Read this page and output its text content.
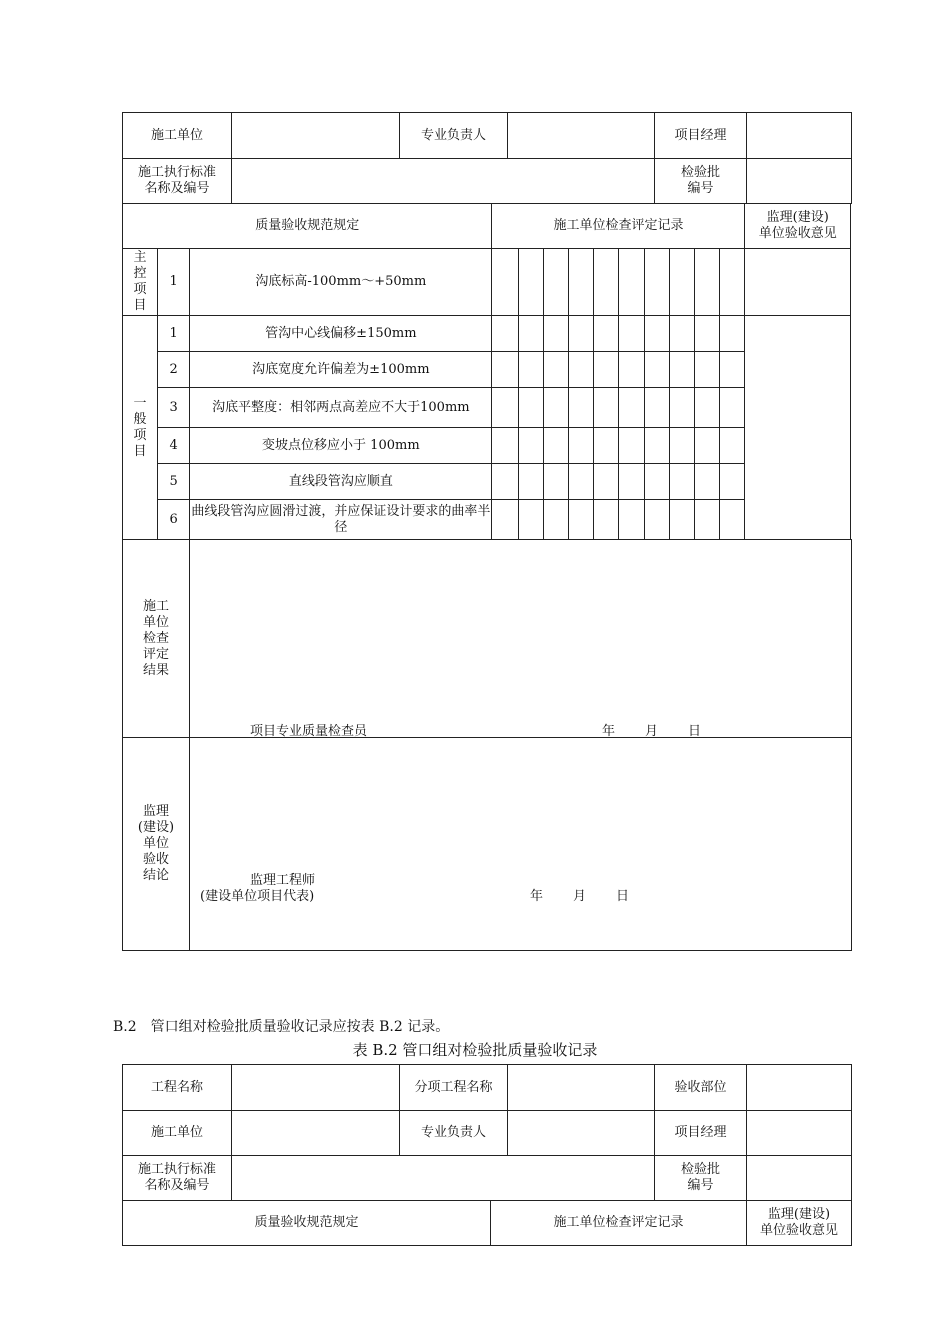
施工单位		专业负责人		项目经理	

施工执行标准
名称及编号				检验批
编号	

质量验收规范规定			施工单位检查评定记录										监理(建设)
单位验收意见

主
控
项
目	1	沟底标高-100mm～+50mm											

一
般
项
目	1	管沟中心线偏移±150mm											
	2	沟底宽度允许偏差为±100mm											
	3	沟底平整度：相邻两点高差应不大于100mm											
	4	变坡点位移应小于 100mm											
	5	直线段管沟应顺直											
	6	曲线段管沟应圆滑过渡，并应保证设计要求的曲率半径											
施工
单位
检查
评定
结果	

监理
(建设)
单位
验收
结论	

项目专业质量检查员	年 月 日
监理工程师
(建设单位项目代表)	年 月 日
B.2　管口组对检验批质量验收记录应按表 B.2 记录。
表 B.2 管口组对检验批质量验收记录
工程名称		分项工程名称		验收部位	
施工单位		专业负责人		项目经理	

施工执行标准
名称及编号				检验批
编号	

质量验收规范规定	施工单位检查评定记录	
监理(建设)
单位验收意见
